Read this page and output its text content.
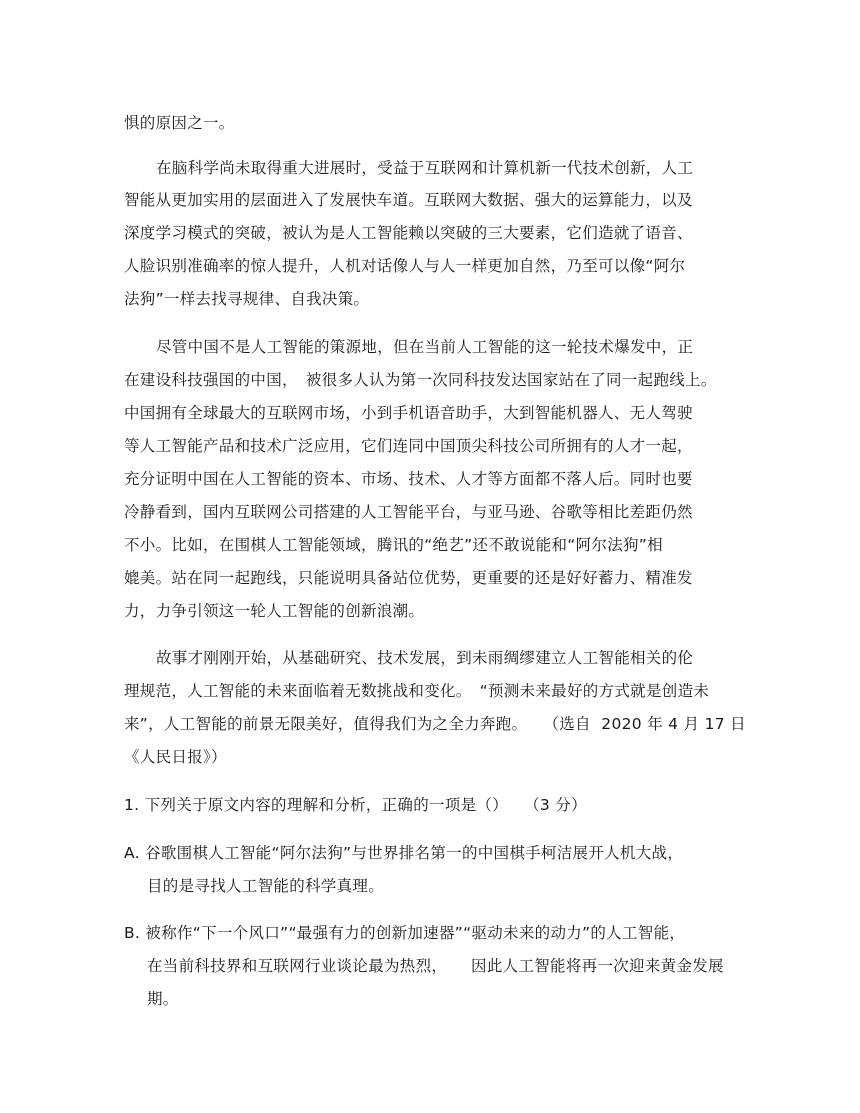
惧的原因之一。
在脑科学尚未取得重大进展时，受益于互联网和计算机新一代技术创新，人工
智能从更加实用的层面进入了发展快车道。互联网大数据、强大的运算能力，以及
深度学习模式的突破，被认为是人工智能赖以突破的三大要素，它们造就了语音、
人脸识别准确率的惊人提升，人机对话像人与人一样更加自然，乃至可以像“阿尔
法狗”一样去找寻规律、自我决策。
尽管中国不是人工智能的策源地，但在当前人工智能的这一轮技术爆发中，正
在建设科技强国的中国，　被很多人认为第一次同科技发达国家站在了同一起跑线上。
中国拥有全球最大的互联网市场，小到手机语音助手，大到智能机器人、无人驾驶
等人工智能产品和技术广泛应用，它们连同中国顶尖科技公司所拥有的人才一起，
充分证明中国在人工智能的资本、市场、技术、人才等方面都不落人后。同时也要
冷静看到，国内互联网公司搭建的人工智能平台，与亚马逊、谷歌等相比差距仍然
不小。比如，在围棋人工智能领域，腾讯的“绝艺”还不敢说能和“阿尔法狗”相
媲美。站在同一起跑线，只能说明具备站位优势，更重要的还是好好蓄力、精准发
力，力争引领这一轮人工智能的创新浪潮。
故事才刚刚开始，从基础研究、技术发展，到未雨绸缪建立人工智能相关的伦
理规范，人工智能的未来面临着无数挑战和变化。　“预测未来最好的方式就是创造未
来”，人工智能的前景无限美好，值得我们为之全力奔跑。　　（选自  2020 年 4 月 17 日
《人民日报》）
1. 下列关于原文内容的理解和分析，正确的一项是（）　　（3 分）
A. 谷歌围棋人工智能“阿尔法狗”与世界排名第一的中国棋手柯洁展开人机大战，
目的是寻找人工智能的科学真理。
B. 被称作“下一个风口”“最强有力的创新加速器”“驱动未来的动力”的人工智能，
在当前科技界和互联网行业谈论最为热烈，　　因此人工智能将再一次迎来黄金发展
期。
